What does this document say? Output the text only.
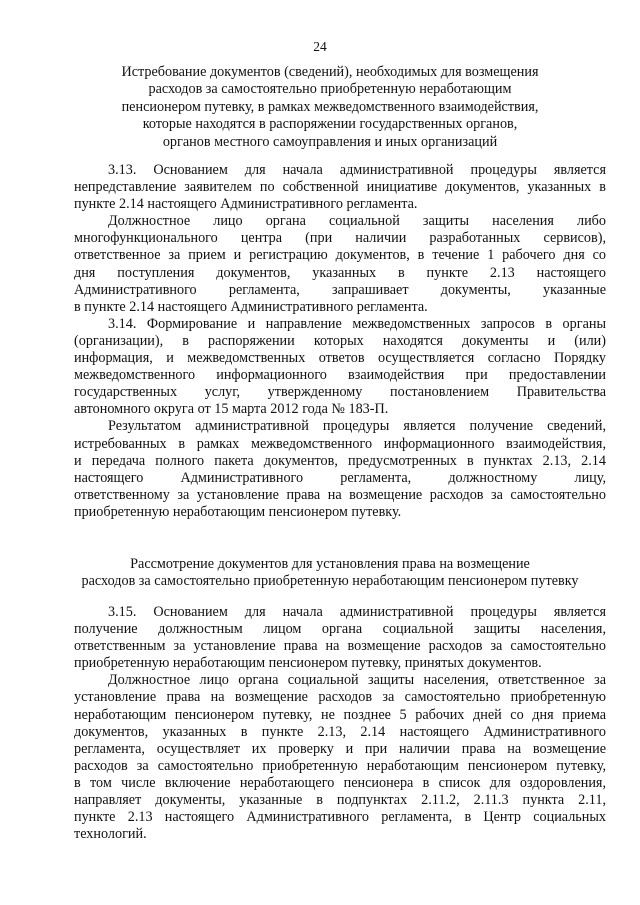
24
Истребование документов (сведений), необходимых для возмещения
расходов за самостоятельно приобретенную неработающим
пенсионером путевку, в рамках межведомственного взаимодействия,
которые находятся в распоряжении государственных органов,
органов местного самоуправления и иных организаций
3.13. Основанием для начала административной процедуры является
непредставление заявителем по собственной инициативе документов, указанных в
пункте 2.14 настоящего Административного регламента.
Должностное лицо органа социальной защиты населения либо
многофункционального центра (при наличии разработанных сервисов),
ответственное за прием и регистрацию документов, в течение 1 рабочего дня со
дня поступления документов, указанных в пункте 2.13 настоящего
Административного регламента, запрашивает документы, указанные
в пункте 2.14 настоящего Административного регламента.
3.14. Формирование и направление межведомственных запросов в органы
(организации), в распоряжении которых находятся документы и (или)
информация, и межведомственных ответов осуществляется согласно Порядку
межведомственного информационного взаимодействия при предоставлении
государственных услуг, утвержденному постановлением Правительства
автономного округа от 15 марта 2012 года № 183-П.
Результатом административной процедуры является получение сведений,
истребованных в рамках межведомственного информационного взаимодействия,
и передача полного пакета документов, предусмотренных в пунктах 2.13, 2.14
настоящего Административного регламента, должностному лицу,
ответственному за установление права на возмещение расходов за самостоятельно
приобретенную неработающим пенсионером путевку.
Рассмотрение документов для установления права на возмещение
расходов за самостоятельно приобретенную неработающим пенсионером путевку
3.15. Основанием для начала административной процедуры является
получение должностным лицом органа социальной защиты населения,
ответственным за установление права на возмещение расходов за самостоятельно
приобретенную неработающим пенсионером путевку, принятых документов.
Должностное лицо органа социальной защиты населения, ответственное за
установление права на возмещение расходов за самостоятельно приобретенную
неработающим пенсионером путевку, не позднее 5 рабочих дней со дня приема
документов, указанных в пункте 2.13, 2.14 настоящего Административного
регламента, осуществляет их проверку и при наличии права на возмещение
расходов за самостоятельно приобретенную неработающим пенсионером путевку,
в том числе включение неработающего пенсионера в список для оздоровления,
направляет документы, указанные в подпунктах 2.11.2, 2.11.3 пункта 2.11,
пункте 2.13 настоящего Административного регламента, в Центр социальных
технологий.
